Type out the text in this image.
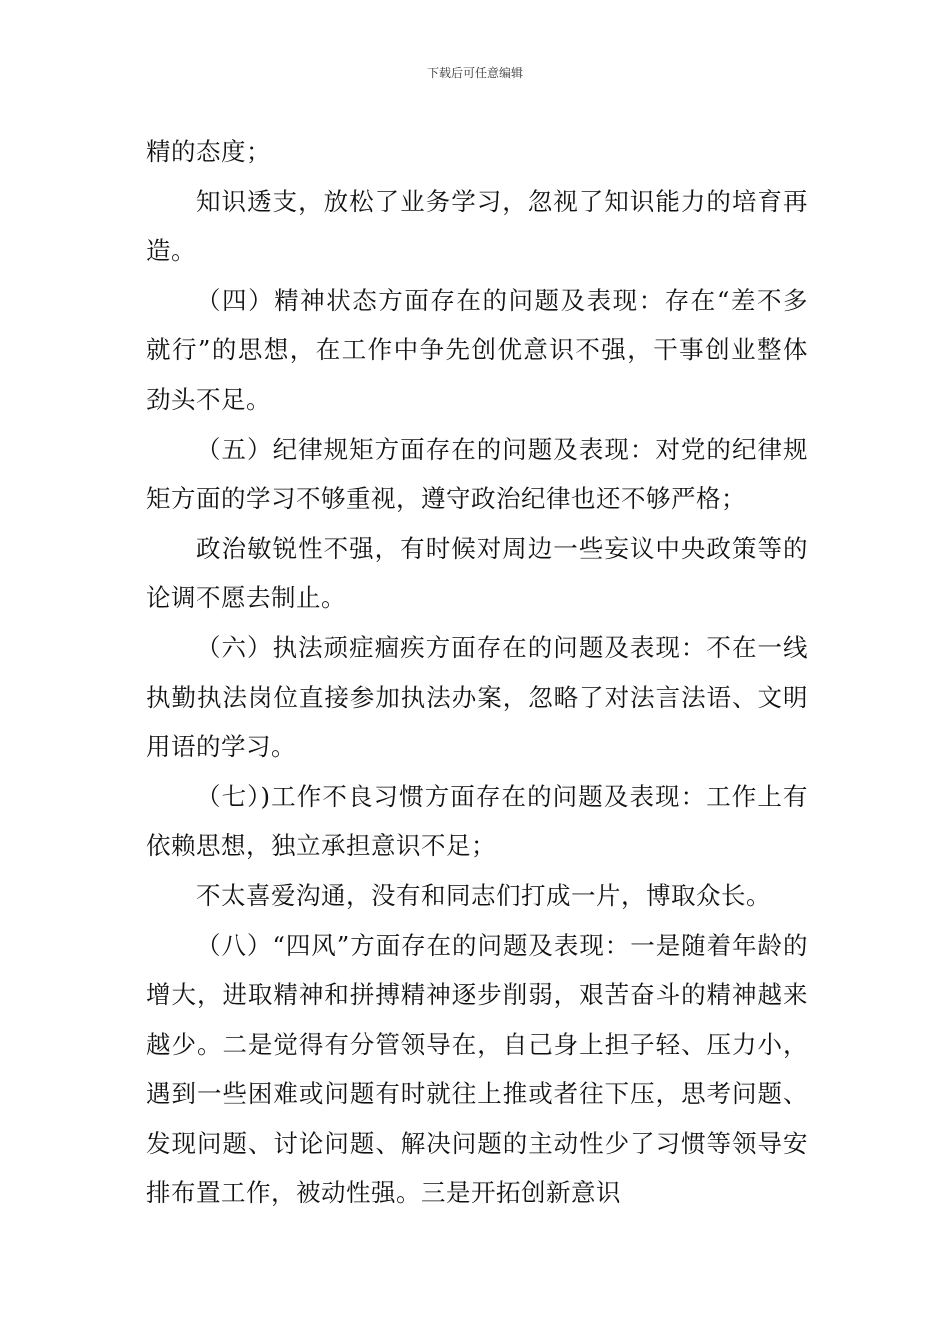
下载后可任意编辑

精的态度；

知识透支，放松了业务学习，忽视了知识能力的培育再造。

（四）精神状态方面存在的问题及表现：存在“差不多就行”的思想，在工作中争先创优意识不强，干事创业整体劲头不足。

（五）纪律规矩方面存在的问题及表现：对党的纪律规矩方面的学习不够重视，遵守政治纪律也还不够严格；

政治敏锐性不强，有时候对周边一些妄议中央政策等的论调不愿去制止。

（六）执法顽症痼疾方面存在的问题及表现：不在一线执勤执法岗位直接参加执法办案，忽略了对法言法语、文明用语的学习。

（七）)工作不良习惯方面存在的问题及表现：工作上有依赖思想，独立承担意识不足；

不太喜爱沟通，没有和同志们打成一片，博取众长。

（八）“四风”方面存在的问题及表现：一是随着年龄的增大，进取精神和拼搏精神逐步削弱，艰苦奋斗的精神越来越少。二是觉得有分管领导在，自己身上担子轻、压力小，遇到一些困难或问题有时就往上推或者往下压，思考问题、发现问题、讨论问题、解决问题的主动性少了习惯等领导安排布置工作，被动性强。三是开拓创新意识
